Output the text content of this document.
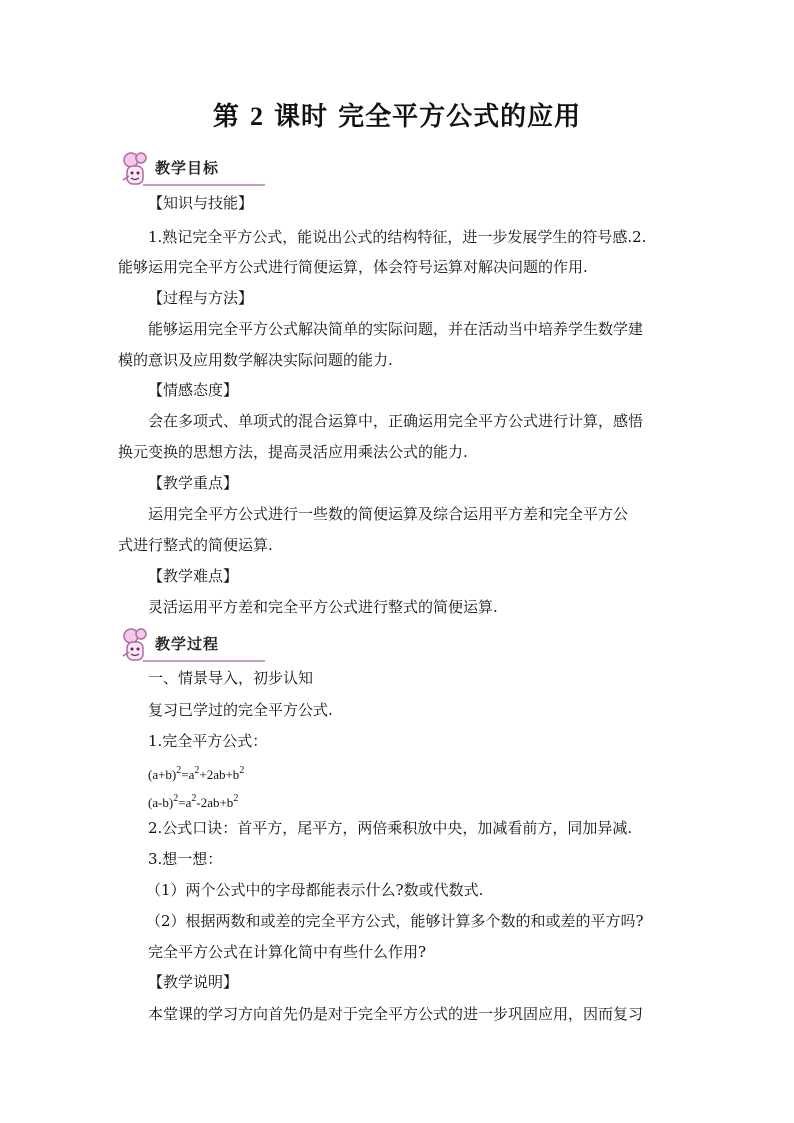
第 2 课时 完全平方公式的应用
教学目标
【知识与技能】
1.熟记完全平方公式，能说出公式的结构特征，进一步发展学生的符号感.2.
能够运用完全平方公式进行简便运算，体会符号运算对解决问题的作用.
【过程与方法】
能够运用完全平方公式解决简单的实际问题，并在活动当中培养学生数学建
模的意识及应用数学解决实际问题的能力.
【情感态度】
会在多项式、单项式的混合运算中，正确运用完全平方公式进行计算，感悟
换元变换的思想方法，提高灵活应用乘法公式的能力.
【教学重点】
运用完全平方公式进行一些数的简便运算及综合运用平方差和完全平方公
式进行整式的简便运算.
【教学难点】
灵活运用平方差和完全平方公式进行整式的简便运算.
教学过程
一、情景导入，初步认知
复习已学过的完全平方公式.
1.完全平方公式：
$(a+b)^2=a^2+2ab+b^2$
$(a-b)^2=a^2-2ab+b^2$
2.公式口诀：首平方，尾平方，两倍乘积放中央，加减看前方，同加异减.
3.想一想：
（1）两个公式中的字母都能表示什么?数或代数式.
（2）根据两数和或差的完全平方公式，能够计算多个数的和或差的平方吗?
完全平方公式在计算化简中有些什么作用?
【教学说明】
本堂课的学习方向首先仍是对于完全平方公式的进一步巩固应用，因而复习
